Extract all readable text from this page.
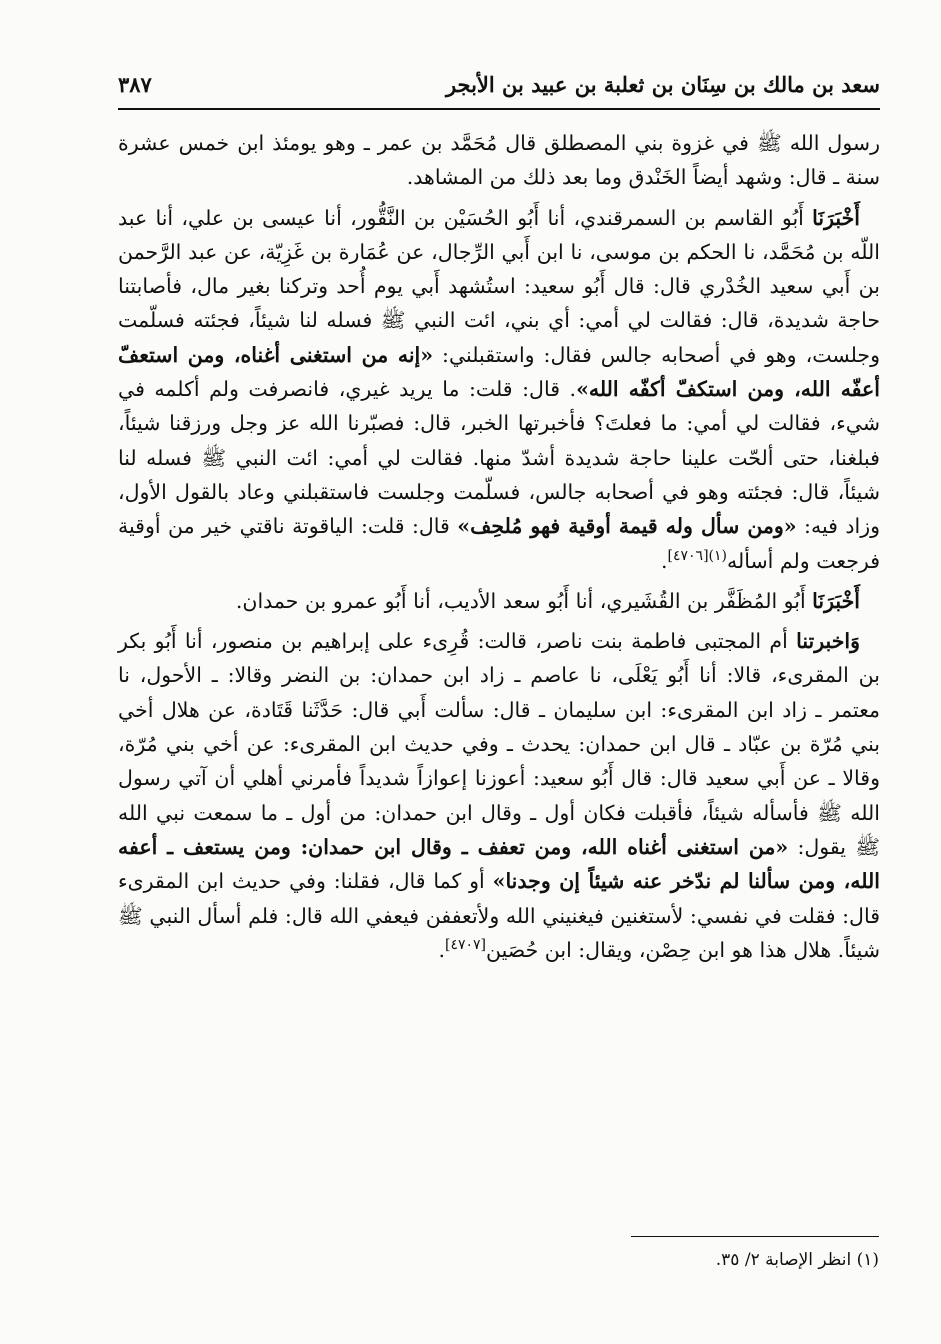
سعد بن مالك بن سِنَان بن ثعلبة بن عبيد بن الأبجر
٣٨٧

رسول الله ﷺ في غزوة بني المصطلق قال مُحَمَّد بن عمر ـ وهو يومئذ ابن خمس عشرة سنة ـ قال: وشهد أيضاً الخَنْدق وما بعد ذلك من المشاهد.

أَخْبَرَنَا أَبُو القاسم بن السمرقندي، أنا أَبُو الحُسَيْن بن النَّقُّور، أنا عيسى بن علي، أنا عبد اللّه بن مُحَمَّد، نا الحكم بن موسى، نا ابن أَبي الرِّجال، عن عُمَارة بن غَزِيّة، عن عبد الرَّحمن بن أَبي سعيد الخُدْري قال: قال أَبُو سعيد: استُشهد أَبي يوم أُحد وتركنا بغير مال، فأصابتنا حاجة شديدة، قال: فقالت لي أمي: أي بني، ائت النبي ﷺ فسله لنا شيئاً، فجئته فسلّمت وجلست، وهو في أصحابه جالس فقال: واستقبلني: «إنه من استغنى أغناه، ومن استعفّ أعفّه الله، ومن استكفّ أكفّه الله». قال: قلت: ما يريد غيري، فانصرفت ولم أكلمه في شيء، فقالت لي أمي: ما فعلتَ؟ فأخبرتها الخبر، قال: فصبّرنا الله عز وجل ورزقنا شيئاً، فبلغنا، حتى ألحّت علينا حاجة شديدة أشدّ منها. فقالت لي أمي: ائت النبي ﷺ فسله لنا شيئاً، قال: فجئته وهو في أصحابه جالس، فسلّمت وجلست فاستقبلني وعاد بالقول الأول، وزاد فيه: «ومن سأل وله قيمة أوقية فهو مُلحِف» قال: قلت: الياقوتة ناقتي خير من أوقية فرجعت ولم أسأله$^{(١)[٤٧٠٦]}$.

أَخْبَرَنَا أَبُو المُظَفَّر بن القُشَيري، أنا أَبُو سعد الأديب، أنا أَبُو عمرو بن حمدان.

وَاخبرتنا أم المجتبى فاطمة بنت ناصر، قالت: قُرِىء على إبراهيم بن منصور، أنا أَبُو بكر بن المقرىء، قالا: أنا أَبُو يَعْلَى، نا عاصم ـ زاد ابن حمدان: بن النضر وقالا: ـ الأحول، نا معتمر ـ زاد ابن المقرىء: ابن سليمان ـ قال: سألت أَبي قال: حَدَّثَنا قَتَادة، عن هلال أخي بني مُرّة بن عبّاد ـ قال ابن حمدان: يحدث ـ وفي حديث ابن المقرىء: عن أخي بني مُرّة، وقالا ـ عن أَبي سعيد قال: قال أَبُو سعيد: أعوزنا إعوازاً شديداً فأمرني أهلي أن آتي رسول الله ﷺ فأسأله شيئاً، فأقبلت فكان أول ـ وقال ابن حمدان: من أول ـ ما سمعت نبي الله ﷺ يقول: «من استغنى أغناه الله، ومن تعفف ـ وقال ابن حمدان: ومن يستعف ـ أعفه الله، ومن سألنا لم ندّخر عنه شيئاً إن وجدنا» أو كما قال، فقلنا: وفي حديث ابن المقرىء قال: فقلت في نفسي: لأستغنين فيغنيني الله ولأتعففن فيعفي الله قال: فلم أسأل النبي ﷺ شيئاً. هلال هذا هو ابن حِصْن، ويقال: ابن حُصَين[٤٧٠٧].

(١) انظر الإصابة ٢/ ٣٥.
